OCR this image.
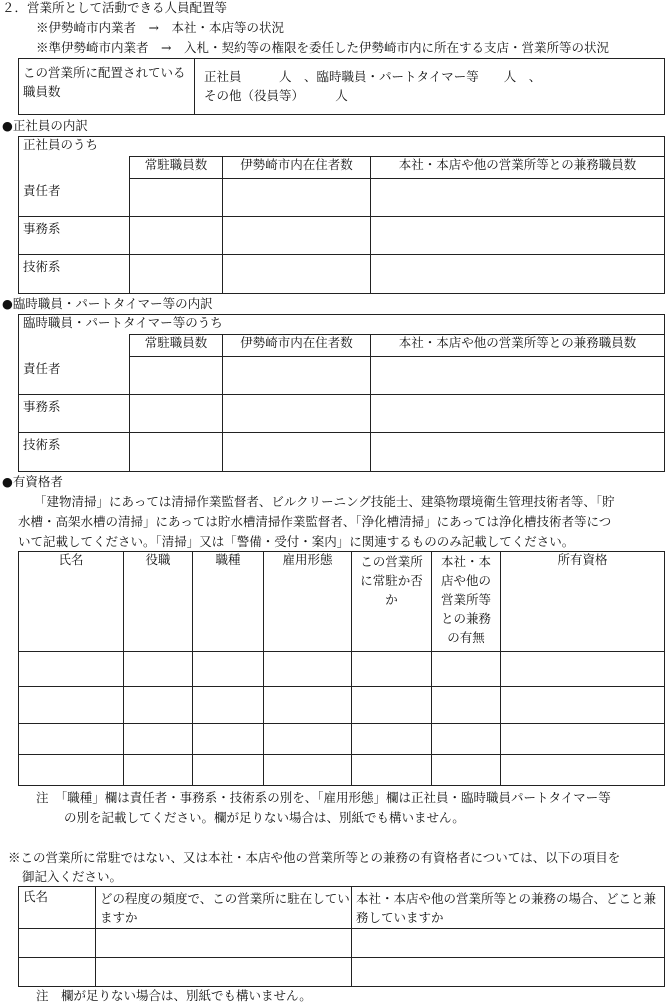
２．営業所として活動できる人員配置等
※伊勢崎市内業者　→　本社・本店等の状況
※準伊勢崎市内業者　→　入札・契約等の権限を委任した伊勢崎市内に所在する支店・営業所等の状況
この営業所に配置されている職員数	
正社員　　　人　、臨時職員・パートタイマー等　　人　、
その他（役員等）　　　人
●正社員の内訳
正社員のうち			
	常駐職員数	伊勢崎市内在住者数	本社・本店や他の営業所等との兼務職員数
責任者			
事務系			
技術系			
●臨時職員・パートタイマー等の内訳
臨時職員・パートタイマー等のうち			
	常駐職員数	伊勢崎市内在住者数	本社・本店や他の営業所等との兼務職員数
責任者			
事務系			
技術系			
●有資格者
「建物清掃」にあっては清掃作業監督者、ビルクリーニング技能士、建築物環境衛生管理技術者等、「貯
水槽・高架水槽の清掃」にあっては貯水槽清掃作業監督者、「浄化槽清掃」にあっては浄化槽技術者等につ
いて記載してください。「清掃」又は「警備・受付・案内」に関連するもののみ記載してください。
氏名	役職	職種	雇用形態	この営業所に常駐か否か	本社・本店や他の営業所等との兼務の有無	所有資格

注　「職種」欄は責任者・事務系・技術系の別を、「雇用形態」欄は正社員・臨時職員パートタイマー等
の別を記載してください。欄が足りない場合は、別紙でも構いません。
※この営業所に常駐ではない、又は本社・本店や他の営業所等との兼務の有資格者については、以下の項目を
御記入ください。
氏名	どの程度の頻度で、この営業所に駐在していますか	本社・本店や他の営業所等との兼務の場合、どこと兼務していますか

注　欄が足りない場合は、別紙でも構いません。
